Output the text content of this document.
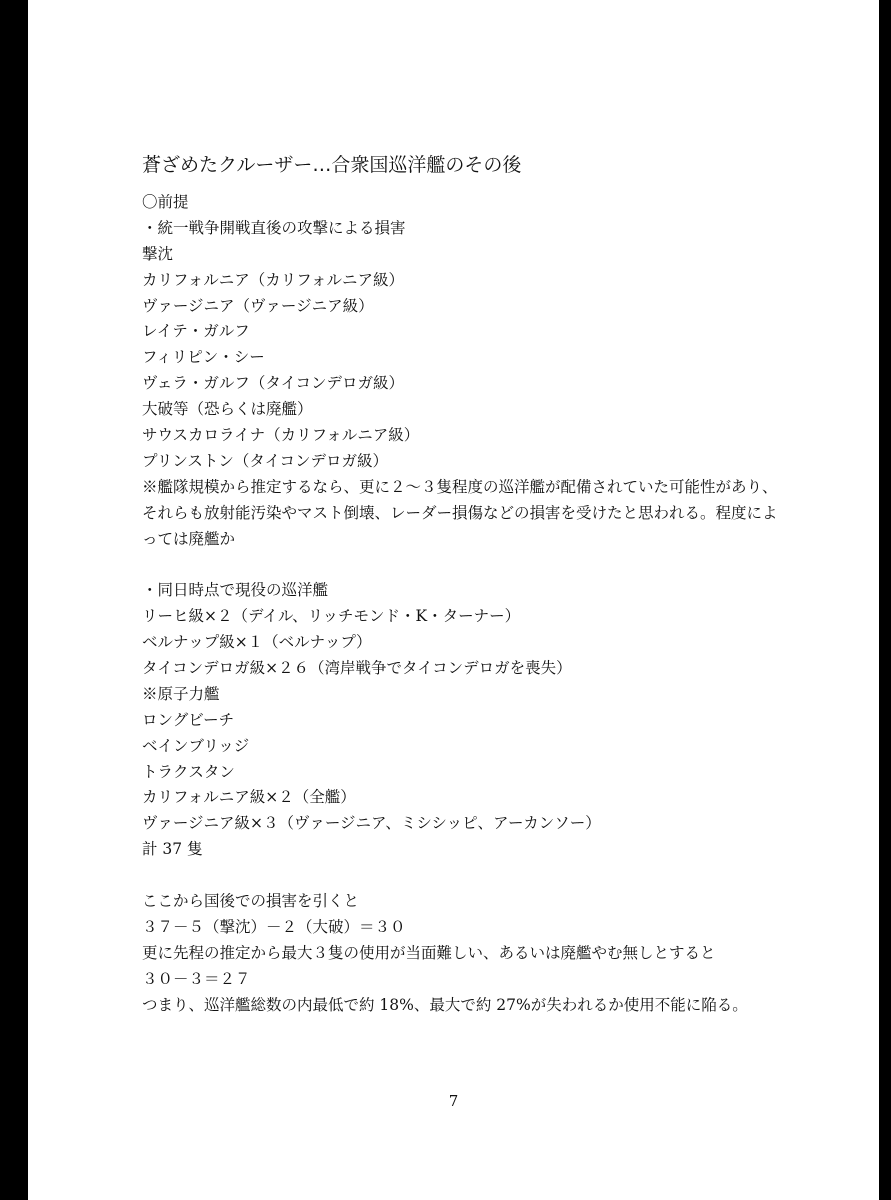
蒼ざめたクルーザー…合衆国巡洋艦のその後

〇前提

・統一戦争開戦直後の攻撃による損害

撃沈

カリフォルニア（カリフォルニア級）

ヴァージニア（ヴァージニア級）

レイテ・ガルフ

フィリピン・シー

ヴェラ・ガルフ（タイコンデロガ級）

大破等（恐らくは廃艦）

サウスカロライナ（カリフォルニア級）

プリンストン（タイコンデロガ級）

※艦隊規模から推定するなら、更に２～３隻程度の巡洋艦が配備されていた可能性があり、

それらも放射能汚染やマスト倒壊、レーダー損傷などの損害を受けたと思われる。程度によ

っては廃艦か

・同日時点で現役の巡洋艦

リーヒ級×２（デイル、リッチモンド・K・ターナー）

ベルナップ級×１（ベルナップ）

タイコンデロガ級×２６（湾岸戦争でタイコンデロガを喪失）

※原子力艦

ロングビーチ

ベインブリッジ

トラクスタン

カリフォルニア級×２（全艦）

ヴァージニア級×３（ヴァージニア、ミシシッピ、アーカンソー）

計 37 隻

ここから国後での損害を引くと

３７－５（撃沈）－２（大破）＝３０

更に先程の推定から最大３隻の使用が当面難しい、あるいは廃艦やむ無しとすると

３０－３＝２７

つまり、巡洋艦総数の内最低で約 18%、最大で約 27%が失われるか使用不能に陥る。

7
